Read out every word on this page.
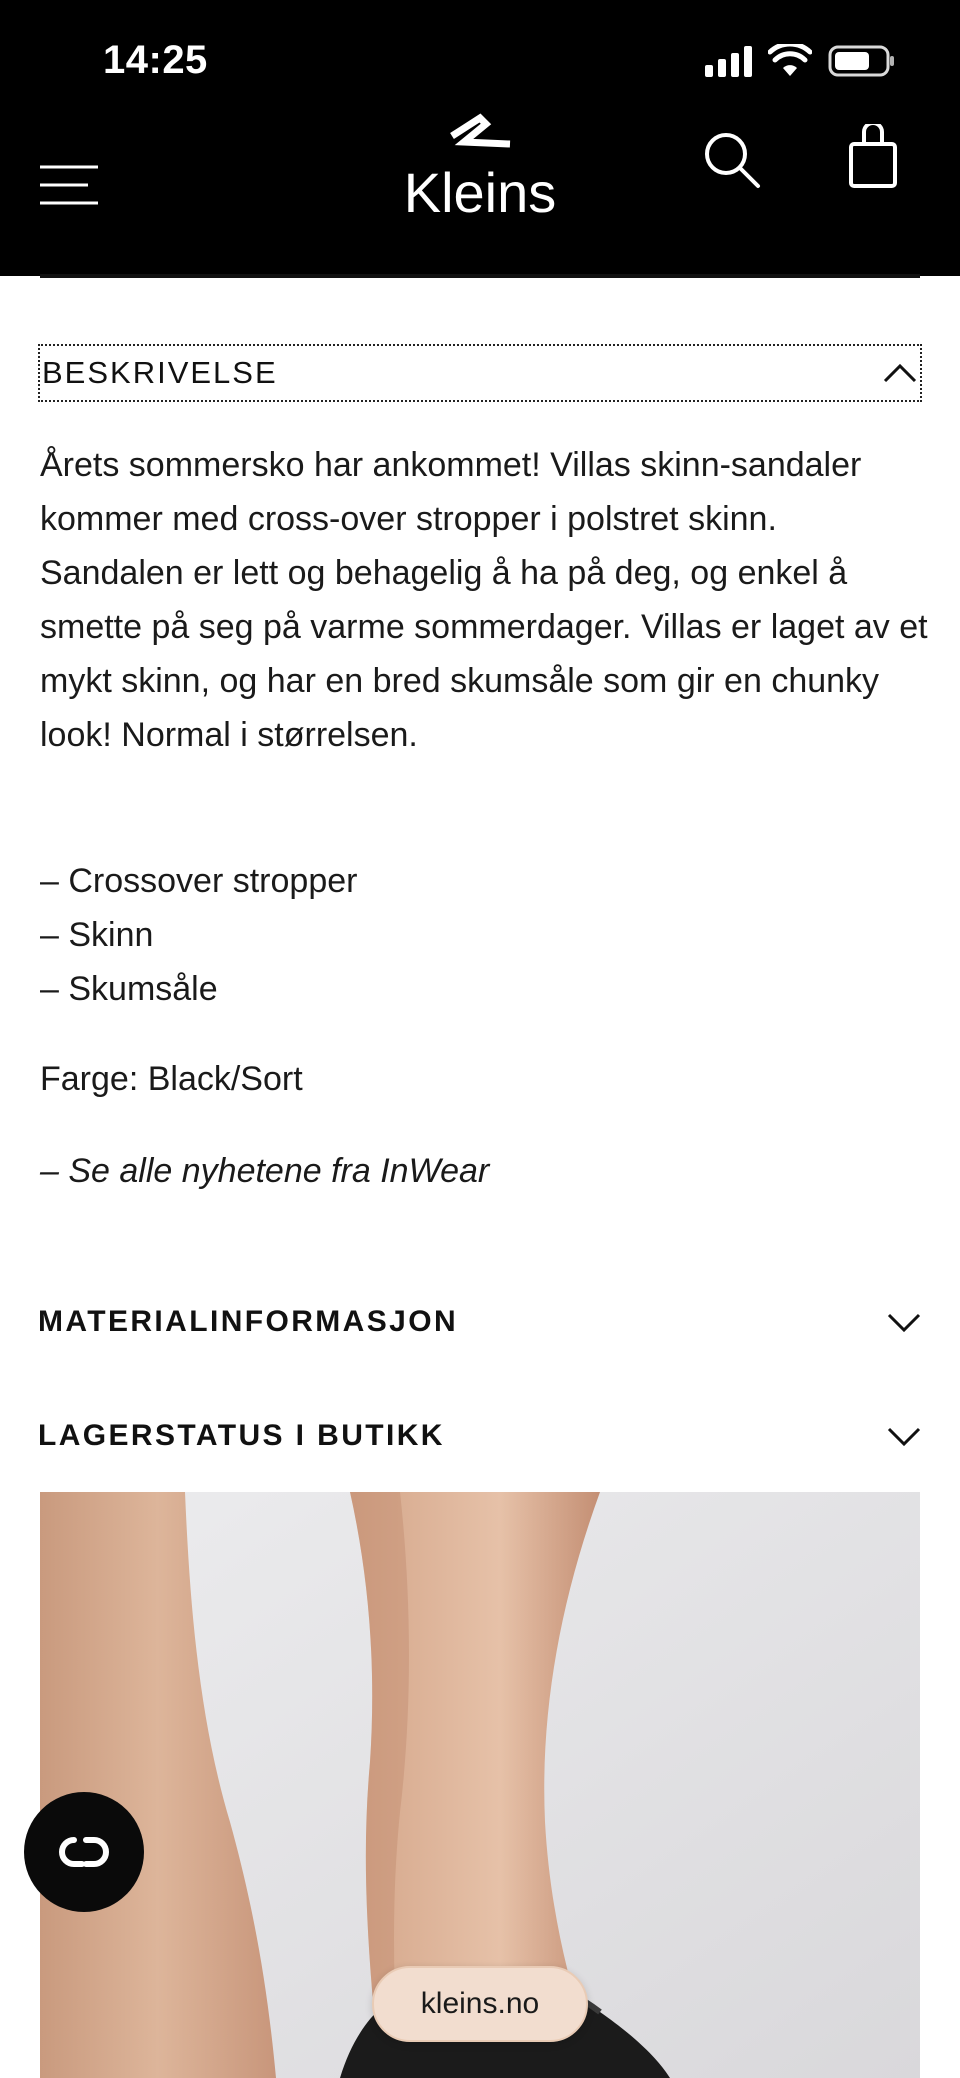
14:25
Kleins
BESKRIVELSE

Årets sommersko har ankommet! Villas skinn-sandaler kommer med cross-over stropper i polstret skinn. Sandalen er lett og behagelig å ha på deg, og enkel å smette på seg på varme sommerdager. Villas er laget av et mykt skinn, og har en bred skumsåle som gir en chunky look! Normal i størrelsen.

– Crossover stropper
– Skinn
– Skumsåle
Farge: Black/Sort
– Se alle nyhetene fra InWear
MATERIALINFORMASJON
LAGERSTATUS I BUTIKK
kleins.no
